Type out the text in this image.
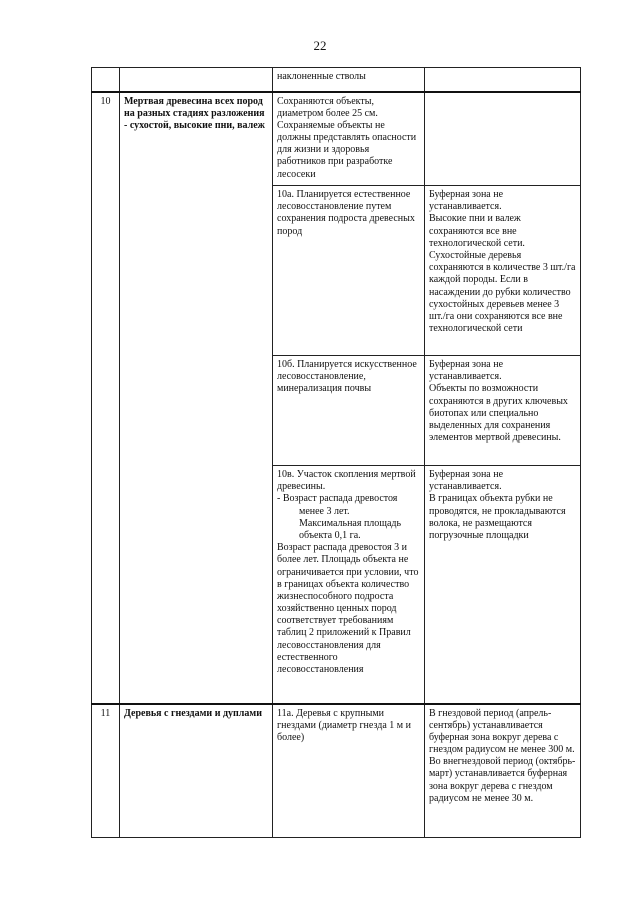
22
		наклоненные стволы	
10	Мертвая древесина всех пород на разных стадиях разложения - сухостой, высокие пни, валеж	Сохраняются объекты, диаметром более 25 см. Сохраняемые объекты не должны представлять опасности для жизни и здоровья работников при разработке лесосеки	
		10а. Планируется естественное лесовосстановление путем сохранения подроста древесных пород	Буферная зона не устанавливается.
Высокие пни и валеж сохраняются все вне технологической сети.
Сухостойные деревья сохраняются в количестве 3 шт./га каждой породы. Если в насаждении до рубки количество сухостойных деревьев менее 3 шт./га они сохраняются все вне технологической сети

		10б. Планируется искусственное лесовосстановление, минерализация почвы	Буферная зона не устанавливается.
Объекты по возможности сохраняются в других ключевых биотопах или специально выделенных для сохранения элементов мертвой древесины.

		10в. Участок скопления мертвой древесины.
- Возраст распада древостоя
менее 3 лет.
Максимальная площадь объекта 0,1 га.
Возраст распада древостоя 3 и более лет. Площадь объекта не ограничивается при условии, что в границах объекта количество жизнеспособного подроста хозяйственно ценных пород соответствует требованиям таблиц 2 приложений к Правил лесовосстановления для естественного лесовосстановления	Буферная зона не устанавливается.
В границах объекта рубки не проводятся, не прокладываются волока, не размещаются погрузочные площадки

11	Деревья с гнездами и дуплами	11а. Деревья с крупными гнездами (диаметр гнезда 1 м и более)	В гнездовой период (апрель-сентябрь) устанавливается буферная зона вокруг дерева с гнездом радиусом не менее 300 м.
Во внегнездовой период (октябрь-март) устанавливается буферная зона вокруг дерева с гнездом радиусом не менее 30 м.
